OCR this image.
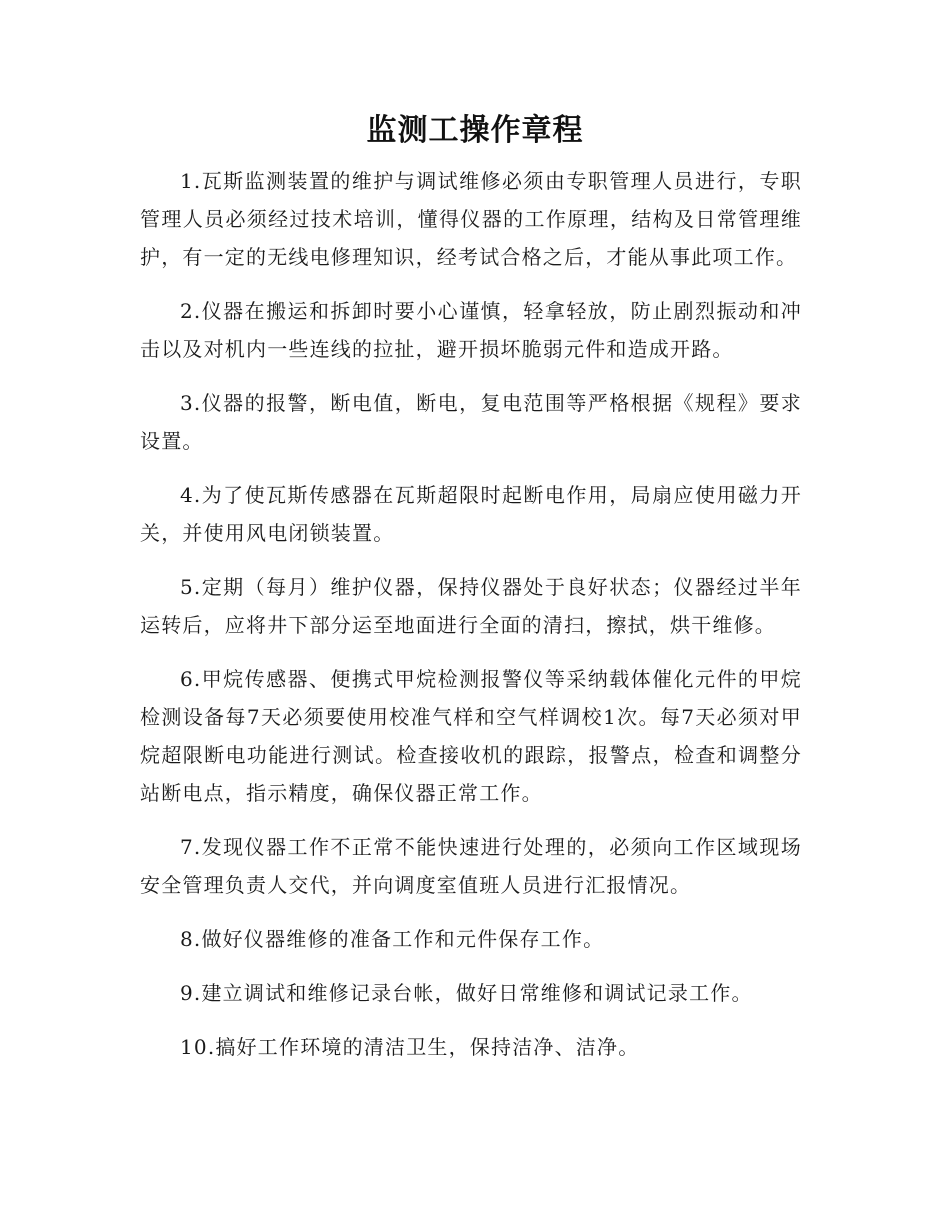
监测工操作章程

1.瓦斯监测装置的维护与调试维修必须由专职管理人员进行，专职管理人员必须经过技术培训，懂得仪器的工作原理，结构及日常管理维护，有一定的无线电修理知识，经考试合格之后，才能从事此项工作。

2.仪器在搬运和拆卸时要小心谨慎，轻拿轻放，防止剧烈振动和冲击以及对机内一些连线的拉扯，避开损坏脆弱元件和造成开路。

3.仪器的报警，断电值，断电，复电范围等严格根据《规程》要求设置。

4.为了使瓦斯传感器在瓦斯超限时起断电作用，局扇应使用磁力开关，并使用风电闭锁装置。

5.定期（每月）维护仪器，保持仪器处于良好状态；仪器经过半年运转后，应将井下部分运至地面进行全面的清扫，擦拭，烘干维修。

6.甲烷传感器、便携式甲烷检测报警仪等采纳载体催化元件的甲烷检测设备每7天必须要使用校准气样和空气样调校1次。每7天必须对甲烷超限断电功能进行测试。检查接收机的跟踪，报警点，检查和调整分站断电点，指示精度，确保仪器正常工作。

7.发现仪器工作不正常不能快速进行处理的，必须向工作区域现场安全管理负责人交代，并向调度室值班人员进行汇报情况。

8.做好仪器维修的准备工作和元件保存工作。

9.建立调试和维修记录台帐，做好日常维修和调试记录工作。

10.搞好工作环境的清洁卫生，保持洁净、洁净。
